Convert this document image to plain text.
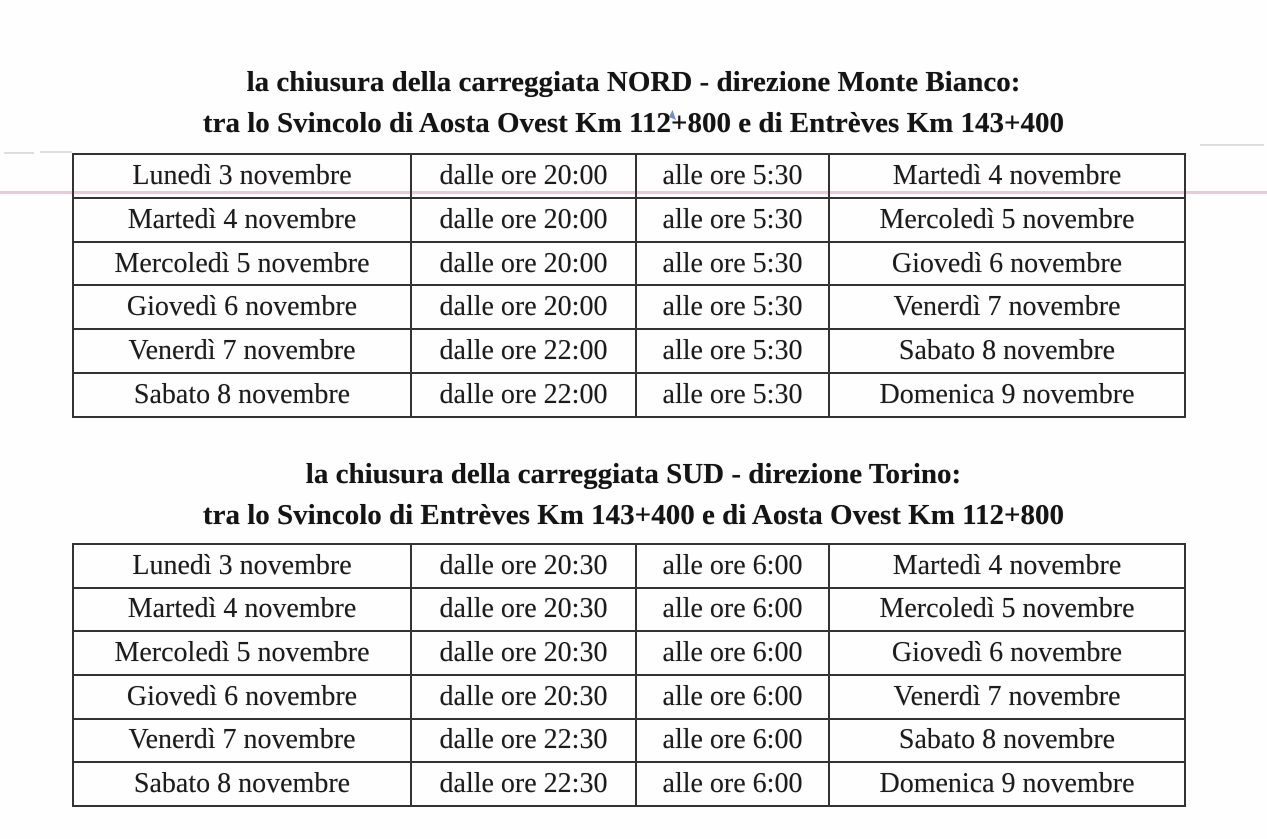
la chiusura della carreggiata NORD - direzione Monte Bianco:
tra lo Svincolo di Aosta Ovest Km 112+800 e di Entrèves Km 143+400
Lunedì 3 novembre	dalle ore 20:00	alle ore 5:30	Martedì 4 novembre
Martedì 4 novembre	dalle ore 20:00	alle ore 5:30	Mercoledì 5 novembre
Mercoledì 5 novembre	dalle ore 20:00	alle ore 5:30	Giovedì 6 novembre
Giovedì 6 novembre	dalle ore 20:00	alle ore 5:30	Venerdì 7 novembre
Venerdì 7 novembre	dalle ore 22:00	alle ore 5:30	Sabato 8 novembre
Sabato 8 novembre	dalle ore 22:00	alle ore 5:30	Domenica 9 novembre
la chiusura della carreggiata SUD - direzione Torino:
tra lo Svincolo di Entrèves Km 143+400 e di Aosta Ovest Km 112+800
Lunedì 3 novembre	dalle ore 20:30	alle ore 6:00	Martedì 4 novembre
Martedì 4 novembre	dalle ore 20:30	alle ore 6:00	Mercoledì 5 novembre
Mercoledì 5 novembre	dalle ore 20:30	alle ore 6:00	Giovedì 6 novembre
Giovedì 6 novembre	dalle ore 20:30	alle ore 6:00	Venerdì 7 novembre
Venerdì 7 novembre	dalle ore 22:30	alle ore 6:00	Sabato 8 novembre
Sabato 8 novembre	dalle ore 22:30	alle ore 6:00	Domenica 9 novembre
